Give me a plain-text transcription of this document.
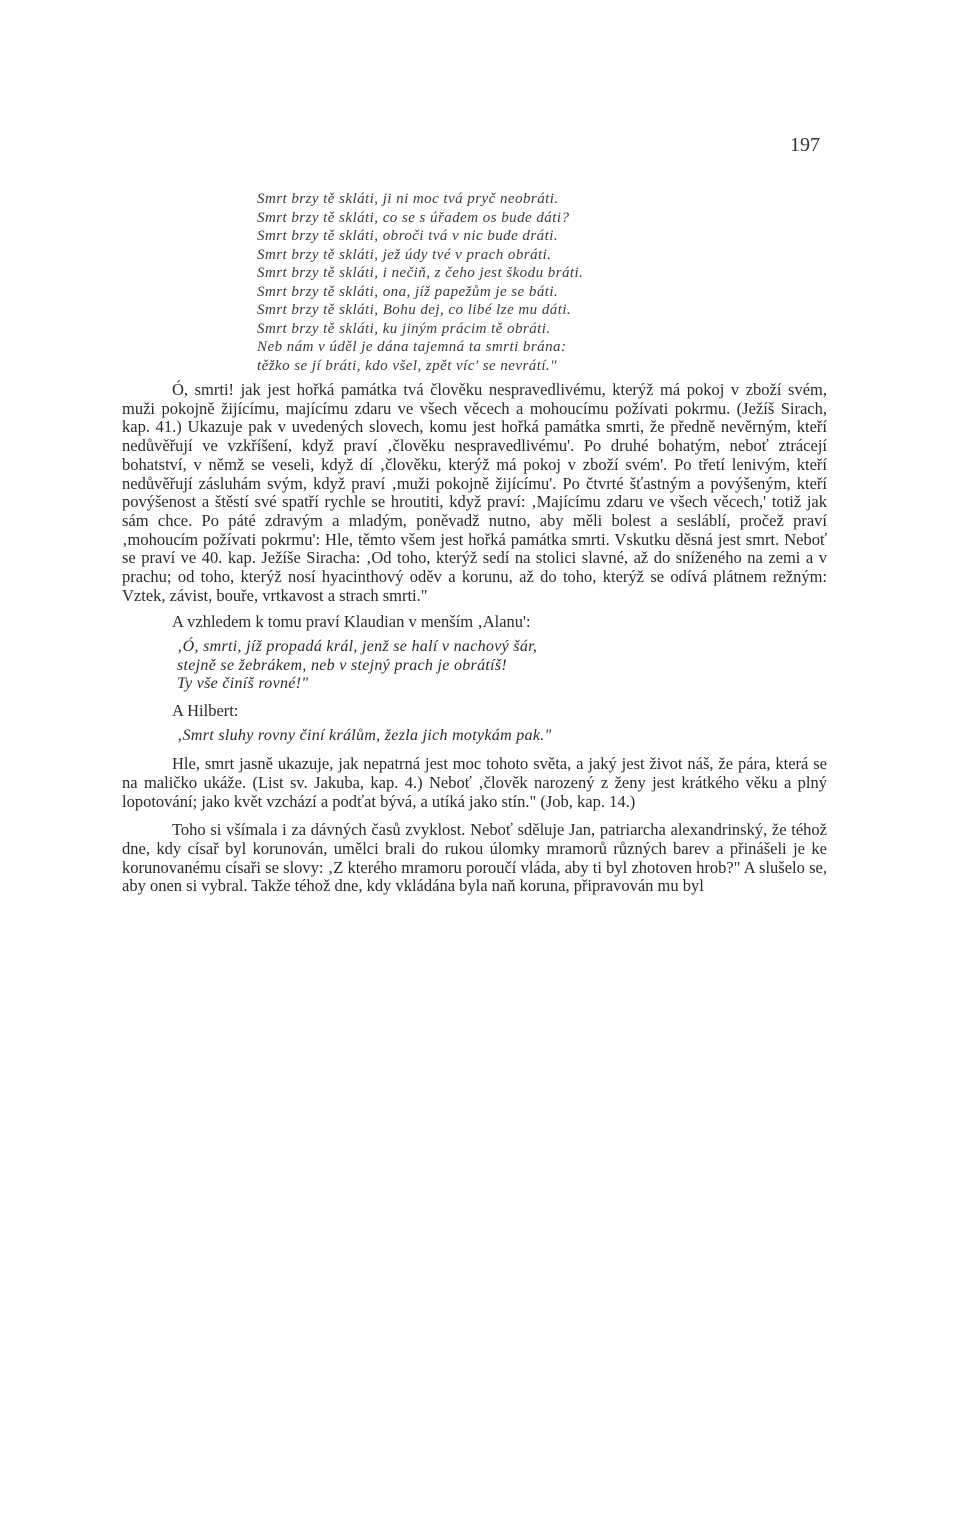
197
Smrt brzy tě skláti, ji ni moc tvá pryč neobráti.
Smrt brzy tě skláti, co se s úřadem os bude dáti?
Smrt brzy tě skláti, obroči tvá v nic bude dráti.
Smrt brzy tě skláti, jež údy tvé v prach obráti.
Smrt brzy tě skláti, i nečiň, z čeho jest škodu bráti.
Smrt brzy tě skláti, ona, jíž papežům je se báti.
Smrt brzy tě skláti, Bohu dej, co libé lze mu dáti.
Smrt brzy tě skláti, ku jiným prácim tě obráti.
Neb nám v úděl je dána tajemná ta smrti brána:
těžko se jí bráti, kdo všel, zpět víc' se nevrátí."

Ó, smrti! jak jest hořká památka tvá člověku nespravedlivému, kterýž má pokoj v zboží svém, muži pokojně žijícímu, majícímu zdaru ve všech věcech a mohoucímu požívati pokrmu. (Ježíš Sirach, kap. 41.) Ukazuje pak v uvedených slovech, komu jest hořká památka smrti, že předně nevěrným, kteří nedůvěřují ve vzkříšení, když praví ‚člověku nespravedlivému'. Po druhé bohatým, neboť ztrácejí bohatství, v němž se veseli, když dí ‚člověku, kterýž má pokoj v zboží svém'. Po třetí lenivým, kteří nedůvěřují zásluhám svým, když praví ‚muži pokojně žijícímu'. Po čtvrté šťastným a povýšeným, kteří povýšenost a štěstí své spatří rychle se hroutiti, když praví: ‚Majícímu zdaru ve všech věcech,' totiž jak sám chce. Po páté zdravým a mladým, poněvadž nutno, aby měli bolest a sesláblí, pročež praví ‚mohoucím požívati pokrmu': Hle, těmto všem jest hořká památka smrti. Vskutku děsná jest smrt. Neboť se praví ve 40. kap. Ježíše Siracha: ‚Od toho, kterýž sedí na stolici slavné, až do sníženého na zemi a v prachu; od toho, kterýž nosí hyacinthový oděv a korunu, až do toho, kterýž se odívá plátnem režným: Vztek, závist, bouře, vrtkavost a strach smrti."

A vzhledem k tomu praví Klaudian v menším ‚Alanu':

‚Ó, smrti, jíž propadá král, jenž se halí v nachový šár,
stejně se žebrákem, neb v stejný prach je obrátíš!
Ty vše činíš rovné!"

A Hilbert:

‚Smrt sluhy rovny činí králům, žezla jich motykám pak."

Hle, smrt jasně ukazuje, jak nepatrná jest moc tohoto světa, a jaký jest život náš, že pára, která se na maličko ukáže. (List sv. Jakuba, kap. 4.) Neboť ‚člověk narozený z ženy jest krátkého věku a plný lopotování; jako květ vzchází a podťat bývá, a utíká jako stín." (Job, kap. 14.)

Toho si všímala i za dávných časů zvyklost. Neboť sděluje Jan, patriarcha alexandrinský, že téhož dne, kdy císař byl korunován, umělci brali do rukou úlomky mramorů různých barev a přinášeli je ke korunovanému císaři se slovy: ‚Z kterého mramoru poroučí vláda, aby ti byl zhotoven hrob?" A slušelo se, aby onen si vybral. Takže téhož dne, kdy vkládána byla naň koruna, připravován mu byl
